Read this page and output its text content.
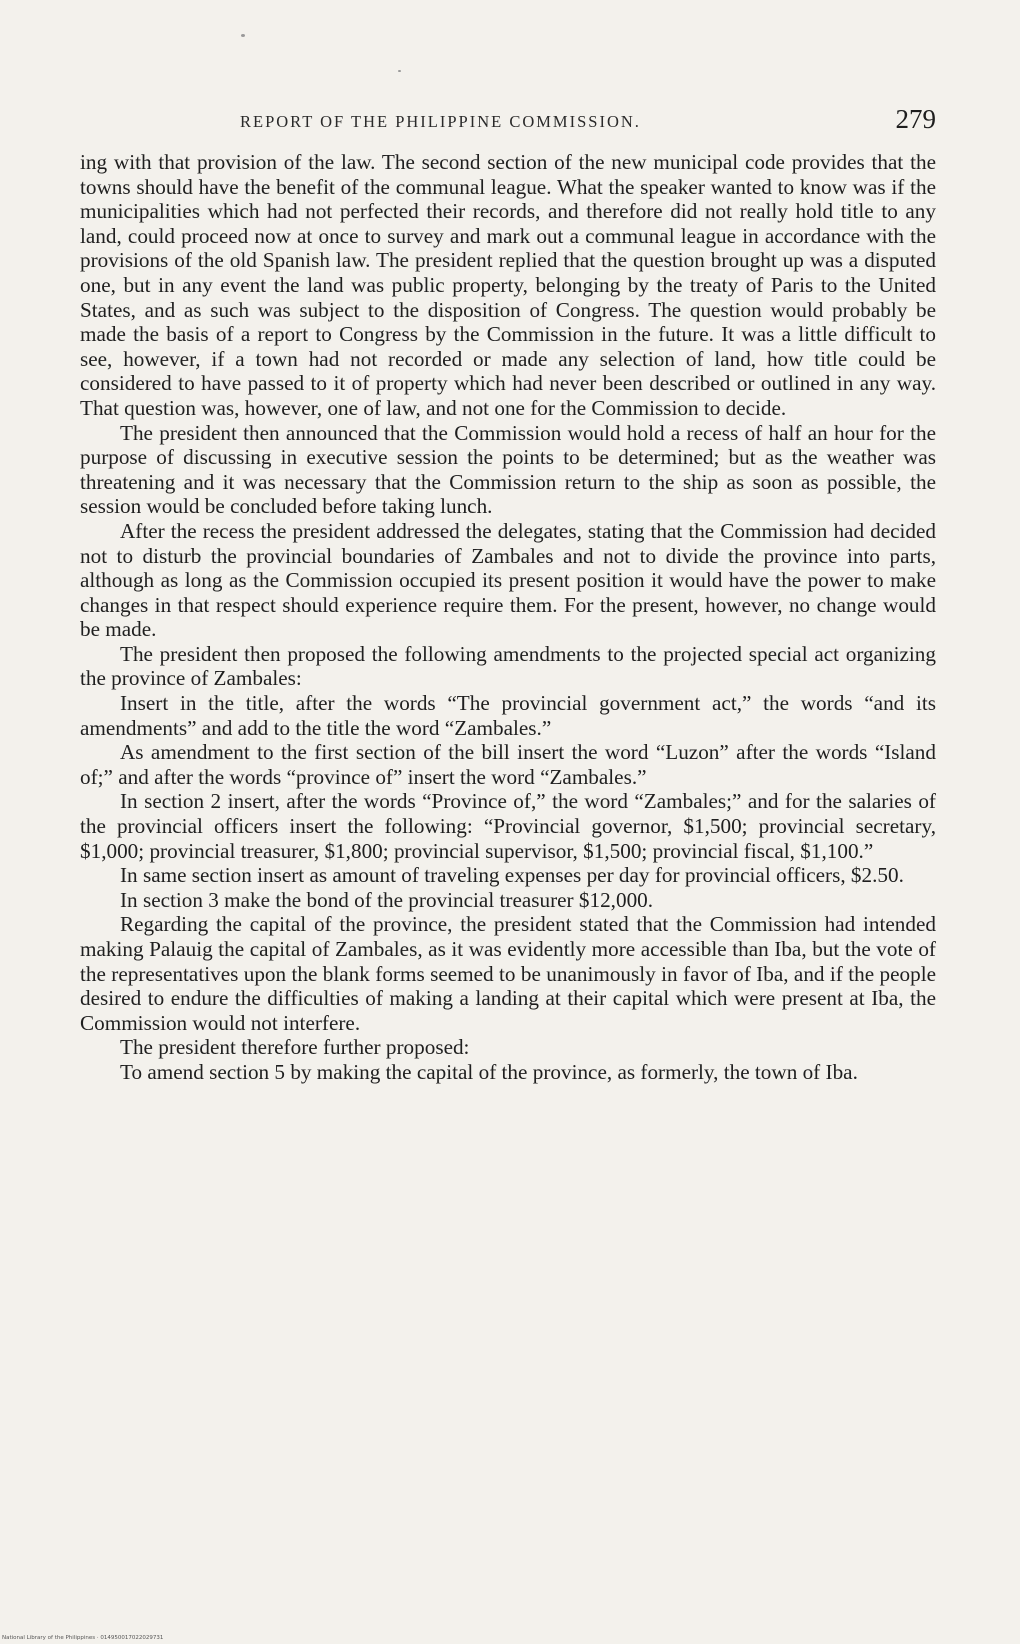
REPORT OF THE PHILIPPINE COMMISSION.	279

ing with that provision of the law. The second section of the new municipal code provides that the towns should have the benefit of the communal league. What the speaker wanted to know was if the municipalities which had not perfected their records, and therefore did not really hold title to any land, could proceed now at once to survey and mark out a communal league in accordance with the provisions of the old Spanish law. The president replied that the question brought up was a disputed one, but in any event the land was public property, belonging by the treaty of Paris to the United States, and as such was subject to the disposition of Congress. The question would probably be made the basis of a report to Congress by the Commission in the future. It was a little difficult to see, however, if a town had not recorded or made any selection of land, how title could be considered to have passed to it of property which had never been described or outlined in any way. That question was, however, one of law, and not one for the Commission to decide.

The president then announced that the Commission would hold a recess of half an hour for the purpose of discussing in executive session the points to be determined; but as the weather was threatening and it was necessary that the Commission return to the ship as soon as possible, the session would be concluded before taking lunch.

After the recess the president addressed the delegates, stating that the Commission had decided not to disturb the provincial boundaries of Zambales and not to divide the province into parts, although as long as the Commission occupied its present position it would have the power to make changes in that respect should experience require them. For the present, however, no change would be made.

The president then proposed the following amendments to the projected special act organizing the province of Zambales:

Insert in the title, after the words “The provincial government act,” the words “and its amendments” and add to the title the word “Zambales.”

As amendment to the first section of the bill insert the word “Luzon” after the words “Island of;” and after the words “province of” insert the word “Zambales.”

In section 2 insert, after the words “Province of,” the word “Zambales;” and for the salaries of the provincial officers insert the following: “Provincial governor, $1,500; provincial secretary, $1,000; provincial treasurer, $1,800; provincial supervisor, $1,500; provincial fiscal, $1,100.”

In same section insert as amount of traveling expenses per day for provincial officers, $2.50.

In section 3 make the bond of the provincial treasurer $12,000.

Regarding the capital of the province, the president stated that the Commission had intended making Palauig the capital of Zambales, as it was evidently more accessible than Iba, but the vote of the representatives upon the blank forms seemed to be unanimously in favor of Iba, and if the people desired to endure the difficulties of making a landing at their capital which were present at Iba, the Commission would not interfere.

The president therefore further proposed:

To amend section 5 by making the capital of the province, as formerly, the town of Iba.

National Library of the Philippines · 014950017022029731
